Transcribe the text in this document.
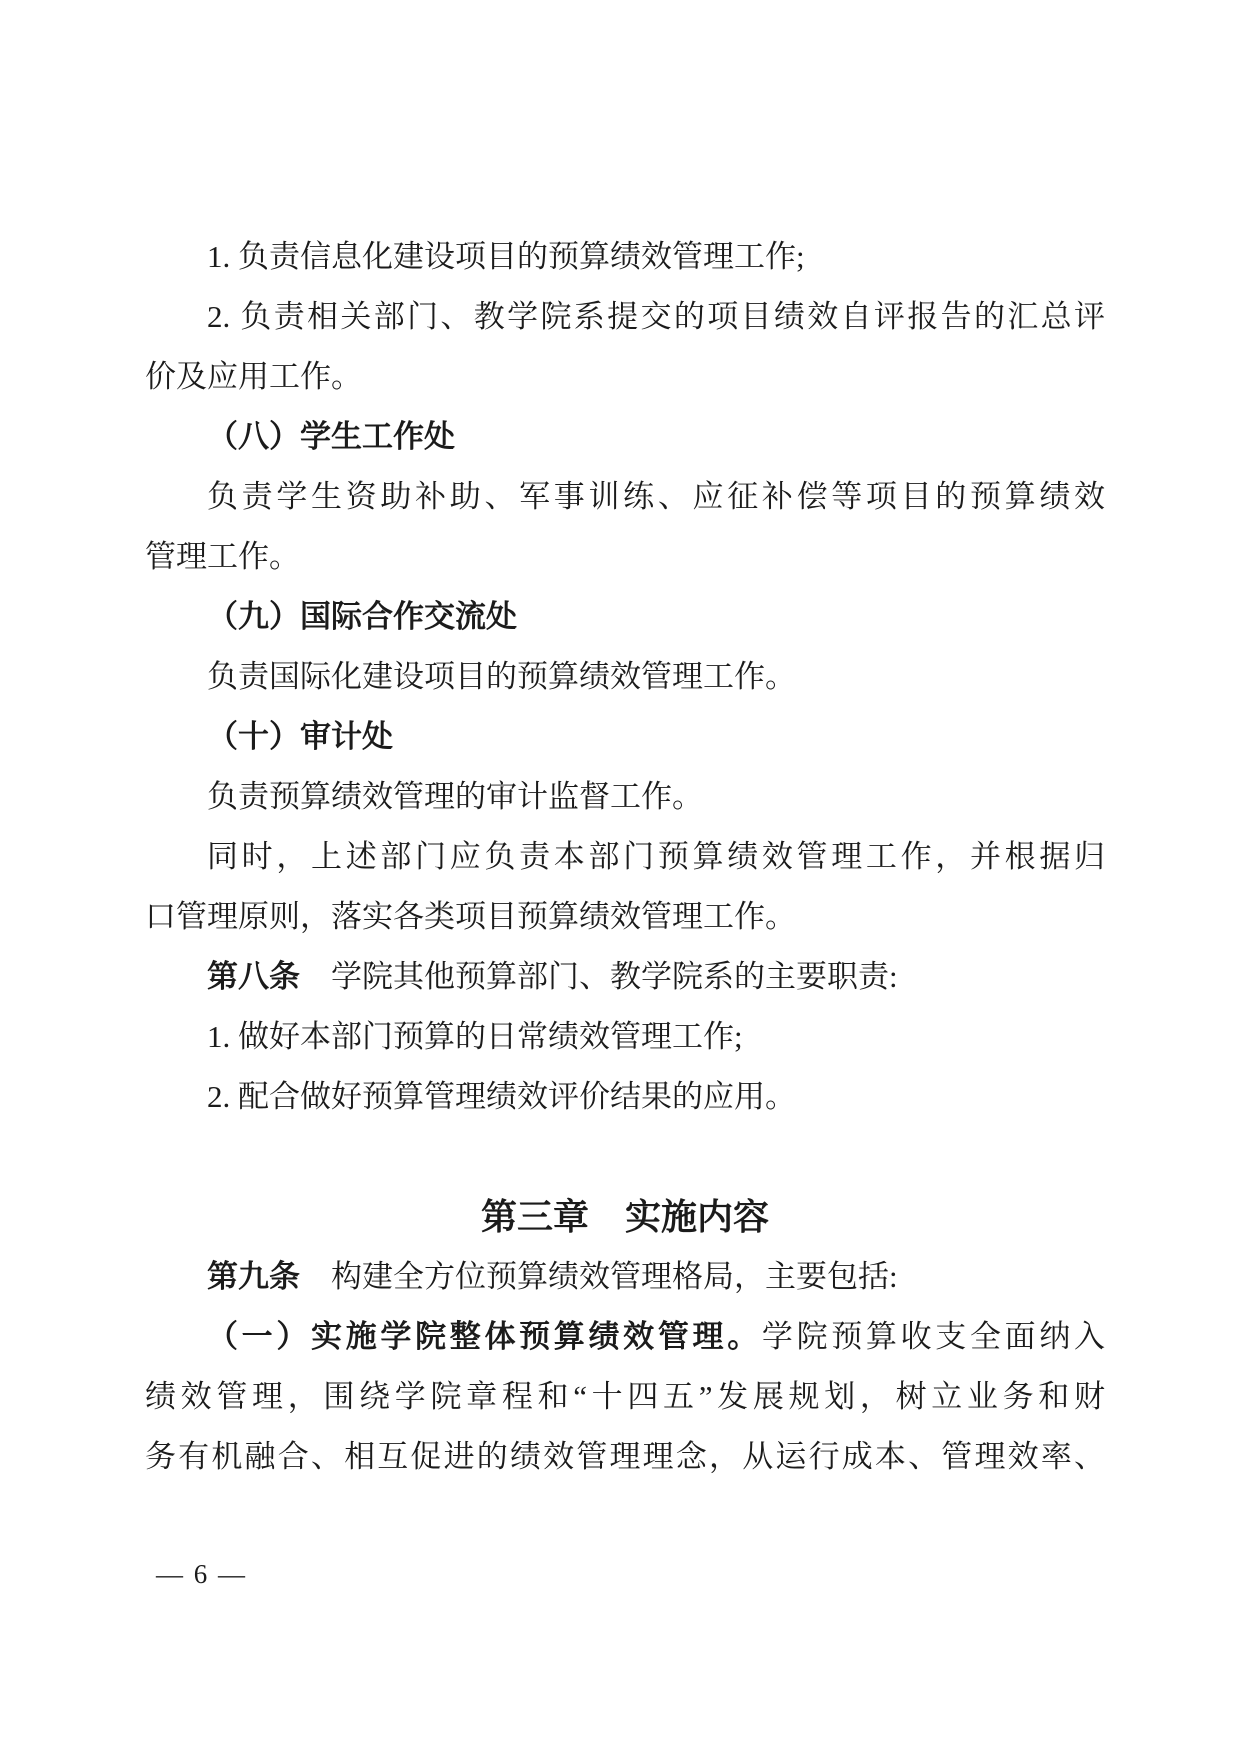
1. 负责信息化建设项目的预算绩效管理工作;
2. 负责相关部门、教学院系提交的项目绩效自评报告的汇总评
价及应用工作。
（八）学生工作处
负责学生资助补助、军事训练、应征补偿等项目的预算绩效
管理工作。
（九）国际合作交流处
负责国际化建设项目的预算绩效管理工作。
（十）审计处
负责预算绩效管理的审计监督工作。
同时，上述部门应负责本部门预算绩效管理工作，并根据归
口管理原则，落实各类项目预算绩效管理工作。
第八条　学院其他预算部门、教学院系的主要职责:
1. 做好本部门预算的日常绩效管理工作;
2. 配合做好预算管理绩效评价结果的应用。
第三章　实施内容
第九条　构建全方位预算绩效管理格局，主要包括:
（一）实施学院整体预算绩效管理。学院预算收支全面纳入
绩效管理，围绕学院章程和“十四五”发展规划，树立业务和财
务有机融合、相互促进的绩效管理理念，从运行成本、管理效率、
— 6 —
